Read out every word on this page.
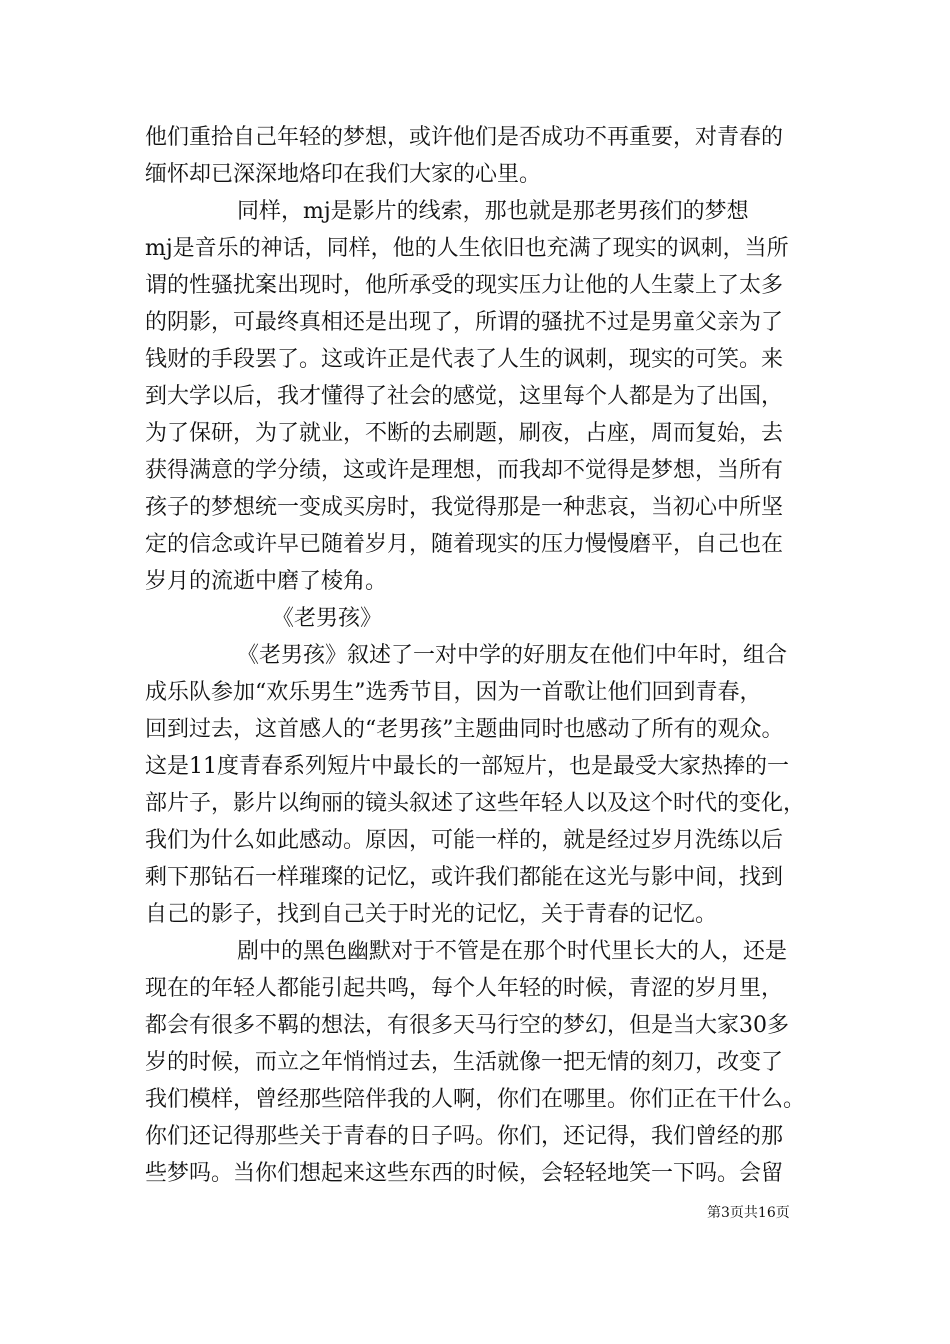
他们重拾自己年轻的梦想，或许他们是否成功不再重要，对青春的
缅怀却已深深地烙印在我们大家的心里。
同样，mj是影片的线索，那也就是那老男孩们的梦想
mj是音乐的神话，同样，他的人生依旧也充满了现实的讽刺，当所
谓的性骚扰案出现时，他所承受的现实压力让他的人生蒙上了太多
的阴影，可最终真相还是出现了，所谓的骚扰不过是男童父亲为了
钱财的手段罢了。这或许正是代表了人生的讽刺，现实的可笑。来
到大学以后，我才懂得了社会的感觉，这里每个人都是为了出国，
为了保研，为了就业，不断的去刷题，刷夜，占座，周而复始，去
获得满意的学分绩，这或许是理想，而我却不觉得是梦想，当所有
孩子的梦想统一变成买房时，我觉得那是一种悲哀，当初心中所坚
定的信念或许早已随着岁月，随着现实的压力慢慢磨平，自己也在
岁月的流逝中磨了棱角。
《老男孩》
《老男孩》叙述了一对中学的好朋友在他们中年时，组合
成乐队参加“欢乐男生”选秀节目，因为一首歌让他们回到青春，
回到过去，这首感人的“老男孩”主题曲同时也感动了所有的观众。
这是11度青春系列短片中最长的一部短片，也是最受大家热捧的一
部片子，影片以绚丽的镜头叙述了这些年轻人以及这个时代的变化，
我们为什么如此感动。原因，可能一样的，就是经过岁月洗练以后
剩下那钻石一样璀璨的记忆，或许我们都能在这光与影中间，找到
自己的影子，找到自己关于时光的记忆，关于青春的记忆。
剧中的黑色幽默对于不管是在那个时代里长大的人，还是
现在的年轻人都能引起共鸣，每个人年轻的时候，青涩的岁月里，
都会有很多不羁的想法，有很多天马行空的梦幻，但是当大家30多
岁的时候，而立之年悄悄过去，生活就像一把无情的刻刀，改变了
我们模样，曾经那些陪伴我的人啊，你们在哪里。你们正在干什么。
你们还记得那些关于青春的日子吗。你们，还记得，我们曾经的那
些梦吗。当你们想起来这些东西的时候，会轻轻地笑一下吗。会留
第3页共16页
